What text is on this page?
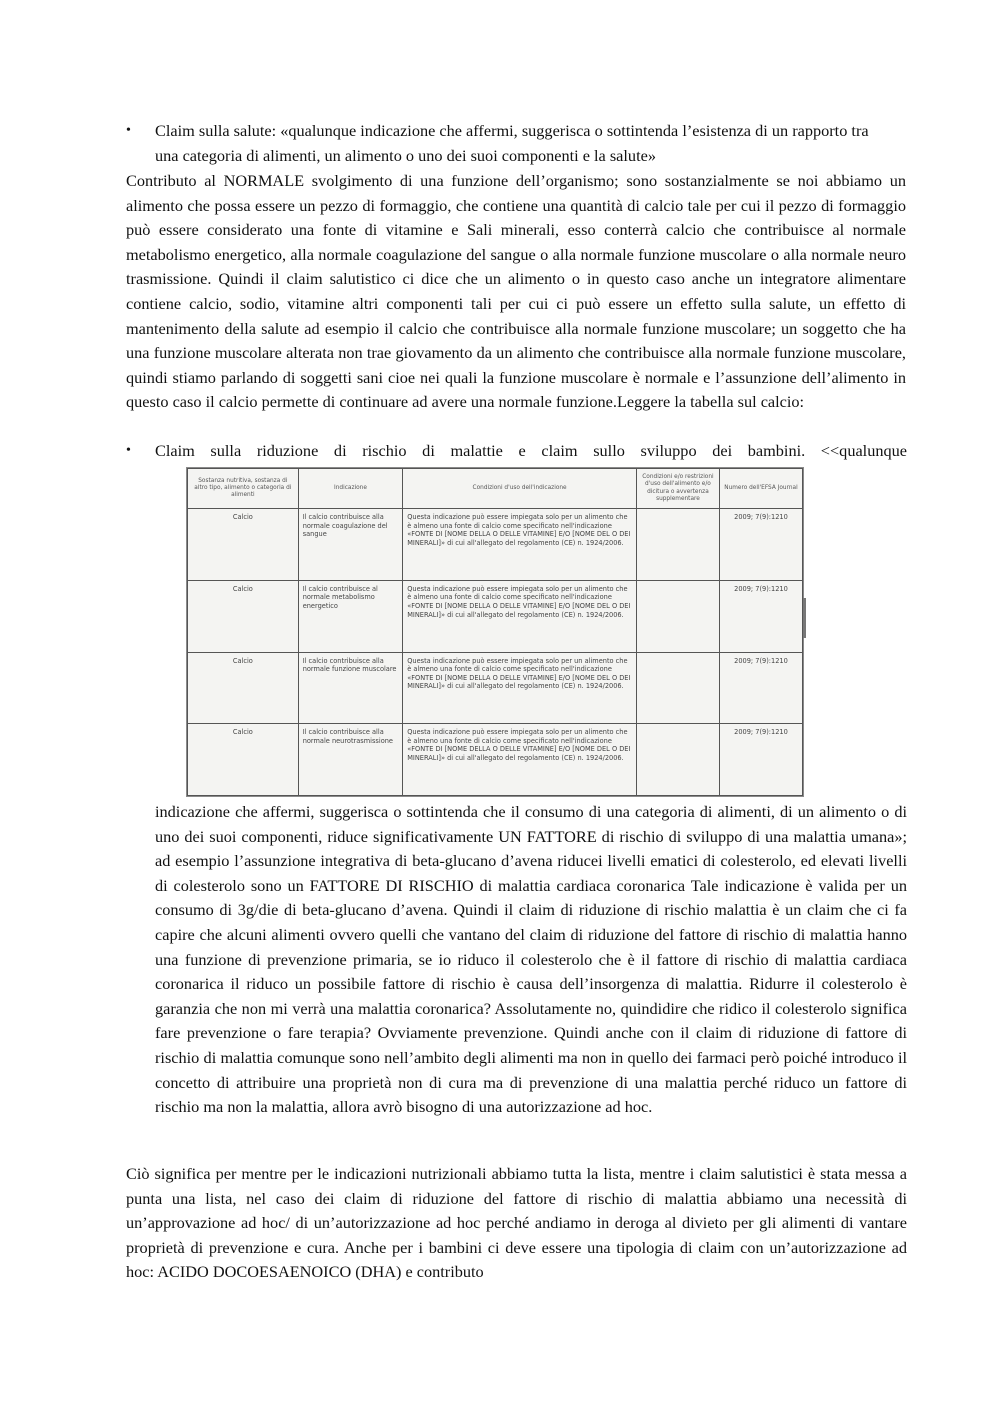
• Claim sulla salute: «qualunque indicazione che affermi, suggerisca o sottintenda l’esistenza di un rapporto tra una categoria di alimenti, un alimento o uno dei suoi componenti e la salute»

Contributo al NORMALE svolgimento di una funzione dell’organismo; sono sostanzialmente se noi abbiamo un alimento che possa essere un pezzo di formaggio, che contiene una quantità di calcio tale per cui il pezzo di formaggio può essere considerato una fonte di vitamine e Sali minerali, esso conterrà calcio che contribuisce al normale metabolismo energetico, alla normale coagulazione del sangue o alla normale funzione muscolare o alla normale neuro trasmissione. Quindi il claim salutistico ci dice che un alimento o in questo caso anche un integratore alimentare contiene calcio, sodio, vitamine altri componenti tali per cui ci può essere un effetto sulla salute, un effetto di mantenimento della salute ad esempio il calcio che contribuisce alla normale funzione muscolare; un soggetto che ha una funzione muscolare alterata non trae giovamento da un alimento che contribuisce alla normale funzione muscolare, quindi stiamo parlando di soggetti sani cioe nei quali la funzione muscolare è normale e l’assunzione dell’alimento in questo caso il calcio permette di continuare ad avere una normale funzione.Leggere la tabella sul calcio:

• Claim sulla riduzione di rischio di malattie e claim sullo sviluppo dei bambini. <<qualunque

Sostanza nutritiva, sostanza di altro tipo, alimento o categoria di alimenti	Indicazione	Condizioni d'uso dell'indicazione	Condizioni e/o restrizioni d'uso dell'alimento e/o dicitura o avvertenza supplementare	Numero dell'EFSA Journal
Calcio	Il calcio contribuisce alla normale coagulazione del sangue	Questa indicazione può essere impiegata solo per un alimento che è almeno una fonte di calcio come specificato nell'indicazione «FONTE DI [NOME DELLA O DELLE VITAMINE] E/O [NOME DEL O DEI MINERALI]» di cui all'allegato del regolamento (CE) n. 1924/2006.		2009; 7(9):1210
Calcio	Il calcio contribuisce al normale metabolismo energetico	Questa indicazione può essere impiegata solo per un alimento che è almeno una fonte di calcio come specificato nell'indicazione «FONTE DI [NOME DELLA O DELLE VITAMINE] E/O [NOME DEL O DEI MINERALI]» di cui all'allegato del regolamento (CE) n. 1924/2006.		2009; 7(9):1210
Calcio	Il calcio contribuisce alla normale funzione muscolare	Questa indicazione può essere impiegata solo per un alimento che è almeno una fonte di calcio come specificato nell'indicazione «FONTE DI [NOME DELLA O DELLE VITAMINE] E/O [NOME DEL O DEI MINERALI]» di cui all'allegato del regolamento (CE) n. 1924/2006.		2009; 7(9):1210
Calcio	Il calcio contribuisce alla normale neurotrasmissione	Questa indicazione può essere impiegata solo per un alimento che è almeno una fonte di calcio come specificato nell'indicazione «FONTE DI [NOME DELLA O DELLE VITAMINE] E/O [NOME DEL O DEI MINERALI]» di cui all'allegato del regolamento (CE) n. 1924/2006.		2009; 7(9):1210

indicazione che affermi, suggerisca o sottintenda che il consumo di una categoria di alimenti, di un alimento o di uno dei suoi componenti, riduce significativamente UN FATTORE di rischio di sviluppo di una malattia umana»; ad esempio l’assunzione integrativa di beta-glucano d’avena riducei livelli ematici di colesterolo, ed elevati livelli di colesterolo sono un FATTORE DI RISCHIO di malattia cardiaca coronarica Tale indicazione è valida per un consumo di 3g/die di beta-glucano d’avena. Quindi il claim di riduzione di rischio malattia è un claim che ci fa capire che alcuni alimenti ovvero quelli che vantano del claim di riduzione del fattore di rischio di malattia hanno una funzione di prevenzione primaria, se io riduco il colesterolo che è il fattore di rischio di malattia cardiaca coronarica il riduco un possibile fattore di rischio è causa dell’insorgenza di malattia. Ridurre il colesterolo è garanzia che non mi verrà una malattia coronarica? Assolutamente no, quindidire che ridico il colesterolo significa fare prevenzione o fare terapia? Ovviamente prevenzione. Quindi anche con il claim di riduzione di fattore di rischio di malattia comunque sono nell’ambito degli alimenti ma non in quello dei farmaci però poiché introduco il concetto di attribuire una proprietà non di cura ma di prevenzione di una malattia perché riduco un fattore di rischio ma non la malattia, allora avrò bisogno di una autorizzazione ad hoc.

Ciò significa per mentre per le indicazioni nutrizionali abbiamo tutta la lista, mentre i claim salutistici è stata messa a punta una lista, nel caso dei claim di riduzione del fattore di rischio di malattia abbiamo una necessità di un’approvazione ad hoc/ di un’autorizzazione ad hoc perché andiamo in deroga al divieto per gli alimenti di vantare proprietà di prevenzione e cura. Anche per i bambini ci deve essere una tipologia di claim con un’autorizzazione ad hoc: ACIDO DOCOESAENOICO (DHA) e contributo
